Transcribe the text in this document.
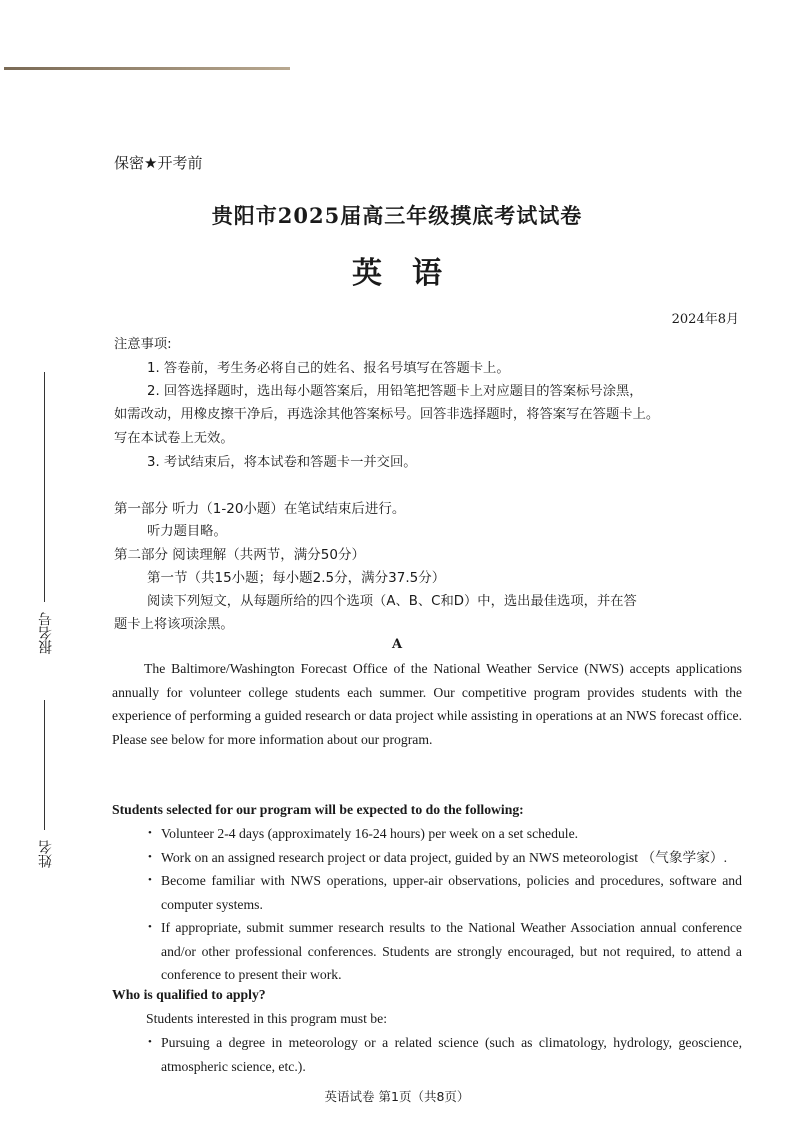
保密★开考前
贵阳市2025届高三年级摸底考试试卷
英语
2024年8月
报名号
姓名
注意事项:
1. 答卷前，考生务必将自己的姓名、报名号填写在答题卡上。
2. 回答选择题时，选出每小题答案后，用铅笔把答题卡上对应题目的答案标号涂黑，
如需改动，用橡皮擦干净后，再选涂其他答案标号。回答非选择题时，将答案写在答题卡上。
写在本试卷上无效。
3. 考试结束后，将本试卷和答题卡一并交回。
第一部分 听力（1-20小题）在笔试结束后进行。
听力题目略。
第二部分 阅读理解（共两节，满分50分）
第一节（共15小题；每小题2.5分，满分37.5分）
阅读下列短文，从每题所给的四个选项（A、B、C和D）中，选出最佳选项，并在答
题卡上将该项涂黑。
A

The Baltimore/Washington Forecast Office of the National Weather Service (NWS) accepts applications annually for volunteer college students each summer. Our competitive program provides students with the experience of performing a guided research or data project while assisting in operations at an NWS forecast office. Please see below for more information about our program.

Students selected for our program will be expected to do the following:
• Volunteer 2-4 days (approximately 16-24 hours) per week on a set schedule.
• Work on an assigned research project or data project, guided by an NWS meteorologist （气象学家）.
• Become familiar with NWS operations, upper-air observations, policies and procedures, software and computer systems.
• If appropriate, submit summer research results to the National Weather Association annual conference and/or other professional conferences. Students are strongly encouraged, but not required, to attend a conference to present their work.
Who is qualified to apply?
Students interested in this program must be:
• Pursuing a degree in meteorology or a related science (such as climatology, hydrology, geoscience, atmospheric science, etc.).
英语试卷 第1页（共8页）
